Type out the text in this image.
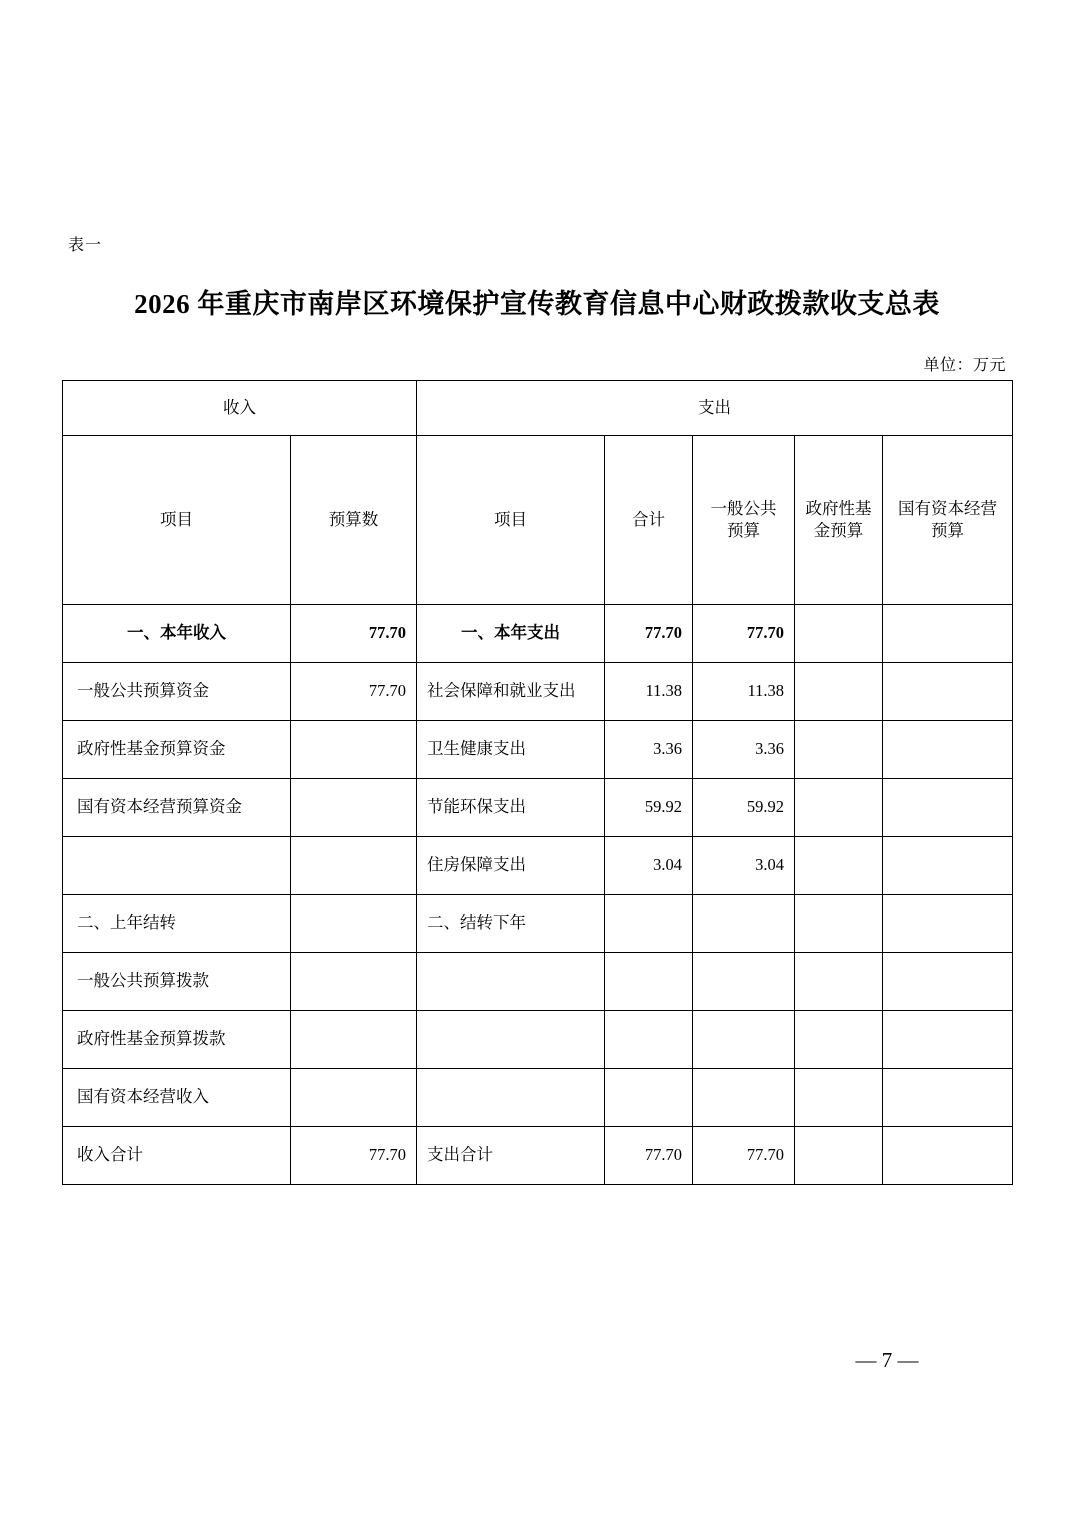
表一
2026 年重庆市南岸区环境保护宣传教育信息中心财政拨款收支总表
单位：万元
收入		支出				
项目	预算数	项目	合计	一般公共预算	政府性基金预算	国有资本经营预算
一、本年收入	77.70	一、本年支出	77.70	77.70		
一般公共预算资金	77.70	社会保障和就业支出	11.38	11.38		
政府性基金预算资金		卫生健康支出	3.36	3.36		
国有资本经营预算资金		节能环保支出	59.92	59.92		
		住房保障支出	3.04	3.04		
二、上年结转		二、结转下年				
一般公共预算拨款						
政府性基金预算拨款						
国有资本经营收入						
收入合计	77.70	支出合计	77.70	77.70		
— 7 —
